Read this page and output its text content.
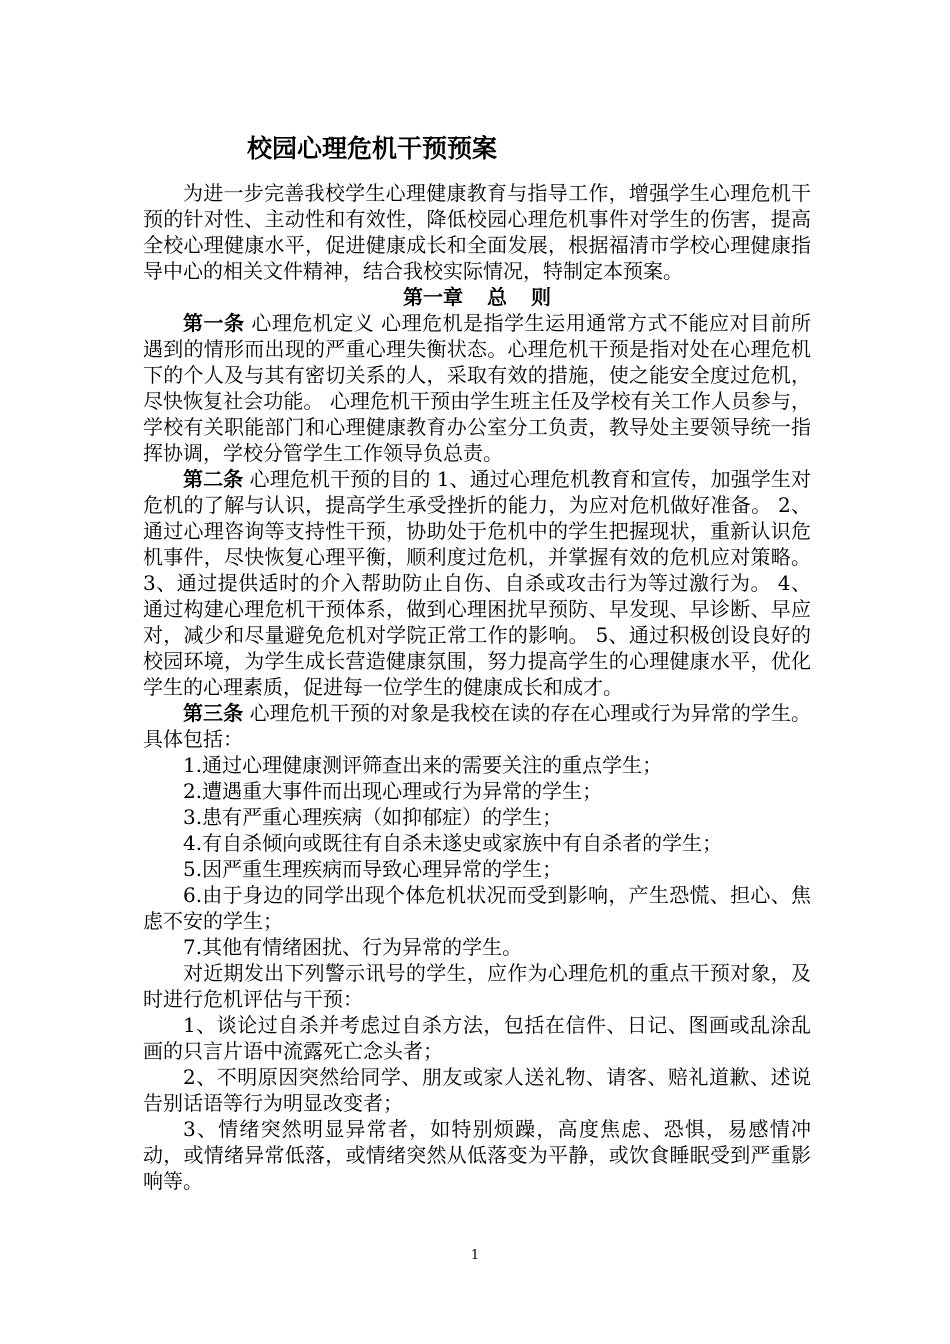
校园心理危机干预预案

为进一步完善我校学生心理健康教育与指导工作，增强学生心理危机干预的针对性、主动性和有效性，降低校园心理危机事件对学生的伤害，提高全校心理健康水平，促进健康成长和全面发展，根据福清市学校心理健康指导中心的相关文件精神，结合我校实际情况，特制定本预案。

第一章 总 则

第一条 心理危机定义 心理危机是指学生运用通常方式不能应对目前所遇到的情形而出现的严重心理失衡状态。心理危机干预是指对处在心理危机下的个人及与其有密切关系的人，采取有效的措施，使之能安全度过危机，尽快恢复社会功能。 心理危机干预由学生班主任及学校有关工作人员参与，学校有关职能部门和心理健康教育办公室分工负责，教导处主要领导统一指挥协调，学校分管学生工作领导负总责。

第二条 心理危机干预的目的 1、通过心理危机教育和宣传，加强学生对危机的了解与认识，提高学生承受挫折的能力，为应对危机做好准备。 2、通过心理咨询等支持性干预，协助处于危机中的学生把握现状，重新认识危机事件，尽快恢复心理平衡，顺利度过危机，并掌握有效的危机应对策略。 3、通过提供适时的介入帮助防止自伤、自杀或攻击行为等过激行为。 4、通过构建心理危机干预体系，做到心理困扰早预防、早发现、早诊断、早应对，减少和尽量避免危机对学院正常工作的影响。 5、通过积极创设良好的校园环境，为学生成长营造健康氛围，努力提高学生的心理健康水平，优化学生的心理素质，促进每一位学生的健康成长和成才。

第三条 心理危机干预的对象是我校在读的存在心理或行为异常的学生。具体包括：

1.通过心理健康测评筛查出来的需要关注的重点学生；

2.遭遇重大事件而出现心理或行为异常的学生；

3.患有严重心理疾病（如抑郁症）的学生；

4.有自杀倾向或既往有自杀未遂史或家族中有自杀者的学生；

5.因严重生理疾病而导致心理异常的学生；

6.由于身边的同学出现个体危机状况而受到影响，产生恐慌、担心、焦虑不安的学生；

7.其他有情绪困扰、行为异常的学生。

对近期发出下列警示讯号的学生，应作为心理危机的重点干预对象，及时进行危机评估与干预：

1、谈论过自杀并考虑过自杀方法，包括在信件、日记、图画或乱涂乱画的只言片语中流露死亡念头者；

2、不明原因突然给同学、朋友或家人送礼物、请客、赔礼道歉、述说告别话语等行为明显改变者；

3、情绪突然明显异常者，如特别烦躁，高度焦虑、恐惧，易感情冲动，或情绪异常低落，或情绪突然从低落变为平静，或饮食睡眠受到严重影响等。

1
